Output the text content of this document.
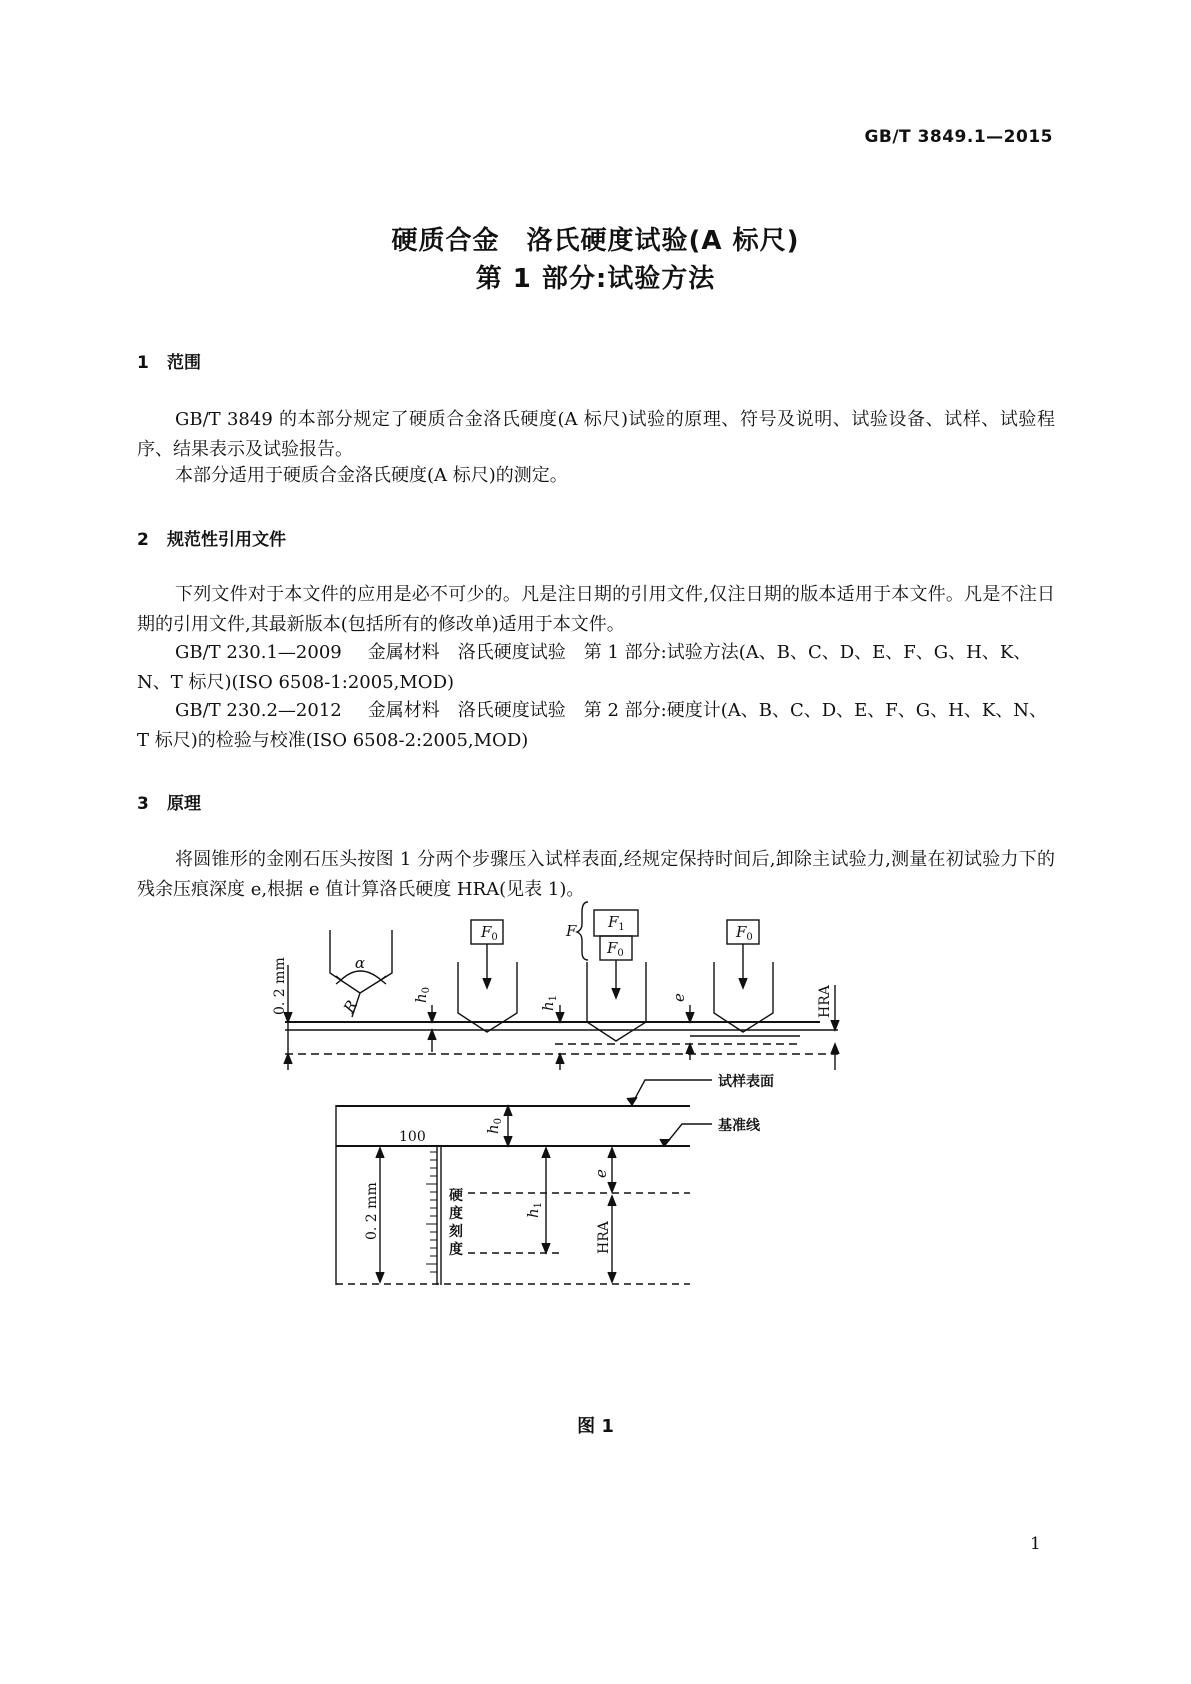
GB/T 3849.1—2015
硬质合金　洛氏硬度试验(A 标尺)
第 1 部分:试验方法
1 范围
GB/T 3849 的本部分规定了硬质合金洛氏硬度(A 标尺)试验的原理、符号及说明、试验设备、试样、试验程序、结果表示及试验报告。
本部分适用于硬质合金洛氏硬度(A 标尺)的测定。
2 规范性引用文件
下列文件对于本文件的应用是必不可少的。凡是注日期的引用文件,仅注日期的版本适用于本文件。凡是不注日期的引用文件,其最新版本(包括所有的修改单)适用于本文件。
GB/T 230.1—2009 金属材料　洛氏硬度试验　第 1 部分:试验方法(A、B、C、D、E、F、G、H、K、N、T 标尺)(ISO 6508-1:2005,MOD)
GB/T 230.2—2012 金属材料　洛氏硬度试验　第 2 部分:硬度计(A、B、C、D、E、F、G、H、K、N、T 标尺)的检验与校准(ISO 6508-2:2005,MOD)
3 原理
将圆锥形的金刚石压头按图 1 分两个步骤压入试样表面,经规定保持时间后,卸除主试验力,测量在初试验力下的残余压痕深度 e,根据 e 值计算洛氏硬度 HRA(见表 1)。
α
R	$h_0$
$h_1$	e
F
$F_0$
$F_1$
$F_0$
$F_0$
$h_0$
$h_1$
e
0. 2 mm	HRA
100
0. 2 mm	HRA
试样表面
基准线
硬
度
刻
度
图 1
1
